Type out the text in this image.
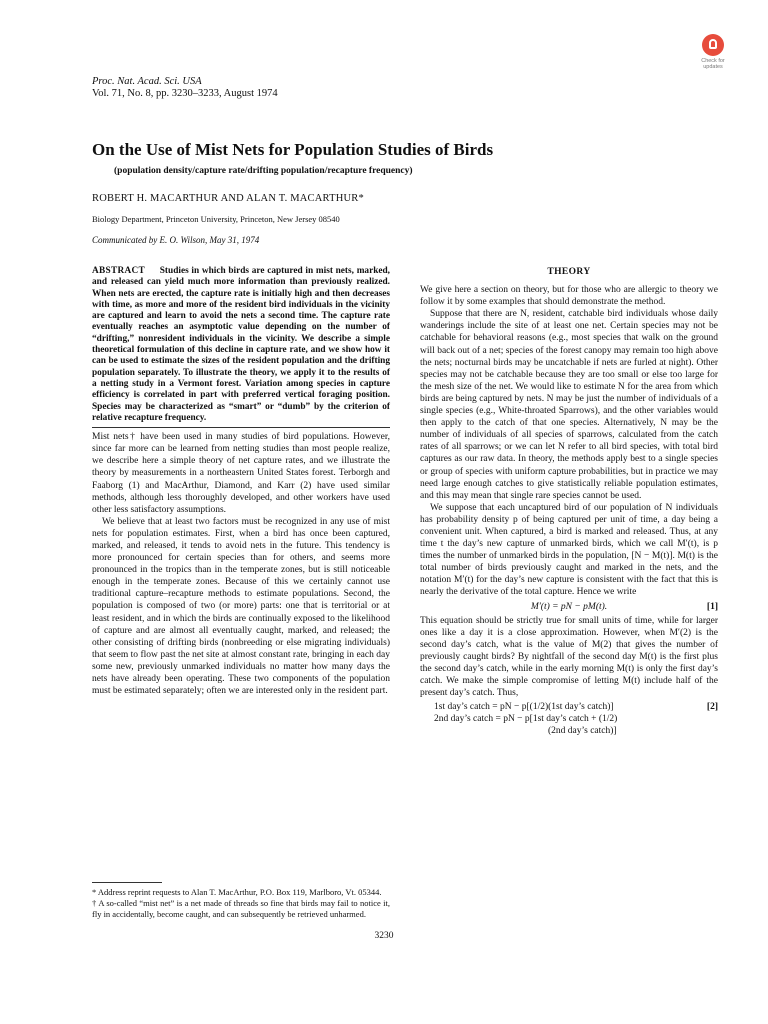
Proc. Nat. Acad. Sci. USA
Vol. 71, No. 8, pp. 3230–3233, August 1974
Check for updates
On the Use of Mist Nets for Population Studies of Birds
(population density/capture rate/drifting population/recapture frequency)
ROBERT H. MACARTHUR AND ALAN T. MACARTHUR*
Biology Department, Princeton University, Princeton, New Jersey 08540
Communicated by E. O. Wilson, May 31, 1974
ABSTRACT Studies in which birds are captured in mist nets, marked, and released can yield much more information than previously realized. When nets are erected, the capture rate is initially high and then decreases with time, as more and more of the resident bird individuals in the vicinity are captured and learn to avoid the nets a second time. The capture rate eventually reaches an asymptotic value depending on the number of “drifting,” nonresident individuals in the vicinity. We describe a simple theoretical formulation of this decline in capture rate, and we show how it can be used to estimate the sizes of the resident population and the drifting population separately. To illustrate the theory, we apply it to the results of a netting study in a Vermont forest. Variation among species in capture efficiency is correlated in part with preferred vertical foraging position. Species may be characterized as “smart” or “dumb” by the criterion of relative recapture frequency.

Mist nets† have been used in many studies of bird populations. However, since far more can be learned from netting studies than most people realize, we describe here a simple theory of net capture rates, and we illustrate the theory by measurements in a northeastern United States forest. Terborgh and Faaborg (1) and MacArthur, Diamond, and Karr (2) have used similar methods, although less thoroughly developed, and other workers have used other less satisfactory assumptions.

We believe that at least two factors must be recognized in any use of mist nets for population estimates. First, when a bird has once been captured, marked, and released, it tends to avoid nets in the future. This tendency is more pronounced for certain species than for others, and seems more pronounced in the tropics than in the temperate zones, but is still noticeable enough in the temperate zones. Because of this we certainly cannot use traditional capture–recapture methods to estimate populations. Second, the population is composed of two (or more) parts: one that is territorial or at least resident, and in which the birds are continually exposed to the likelihood of capture and are almost all eventually caught, marked, and released; the other consisting of drifting birds (nonbreeding or else migrating individuals) that seem to flow past the net site at almost constant rate, bringing in each day some new, previously unmarked individuals no matter how many days the nets have already been operating. These two components of the population must be estimated separately; often we are interested only in the resident part.

* Address reprint requests to Alan T. MacArthur, P.O. Box 119, Marlboro, Vt. 05344.

† A so-called “mist net” is a net made of threads so fine that birds may fail to notice it, fly in accidentally, become caught, and can subsequently be retrieved unharmed.

THEORY

We give here a section on theory, but for those who are allergic to theory we follow it by some examples that should demonstrate the method.

Suppose that there are N, resident, catchable bird individuals whose daily wanderings include the site of at least one net. Certain species may not be catchable for behavioral reasons (e.g., most species that walk on the ground will back out of a net; species of the forest canopy may remain too high above the nets; nocturnal birds may be uncatchable if nets are furled at night). Other species may not be catchable because they are too small or else too large for the mesh size of the net. We would like to estimate N for the area from which birds are being captured by nets. N may be just the number of individuals of a single species (e.g., White-throated Sparrows), and the other variables would then apply to the catch of that one species. Alternatively, N may be the number of individuals of all species of sparrows, calculated from the catch rates of all sparrows; or we can let N refer to all bird species, with total bird captures as our raw data. In theory, the methods apply best to a single species or group of species with uniform capture probabilities, but in practice we may need large enough catches to give statistically reliable population estimates, and this may mean that single rare species cannot be used.

We suppose that each uncaptured bird of our population of N individuals has probability density p of being captured per unit of time, a day being a convenient unit. When captured, a bird is marked and released. Thus, at any time t the day’s new capture of unmarked birds, which we call M′(t), is p times the number of unmarked birds in the population, [N − M(t)]. M(t) is the total number of birds previously caught and marked in the nets, and the notation M′(t) for the day’s new capture is consistent with the fact that this is nearly the derivative of the total capture. Hence we write

M′(t) = pN − pM(t).	[1]

This equation should be strictly true for small units of time, while for larger ones like a day it is a close approximation. However, when M′(2) is the second day’s catch, what is the value of M(2) that gives the number of previously caught birds? By nightfall of the second day M(t) is the first plus the second day’s catch, while in the early morning M(t) is only the first day’s catch. We make the simple compromise of letting M(t) include half of the present day’s catch. Thus,

1st day’s catch = pN − p[(1/2)(1st day’s catch)]
2nd day’s catch = pN − p[1st day’s catch + (1/2)
(2nd day’s catch)]
[2]
3230
